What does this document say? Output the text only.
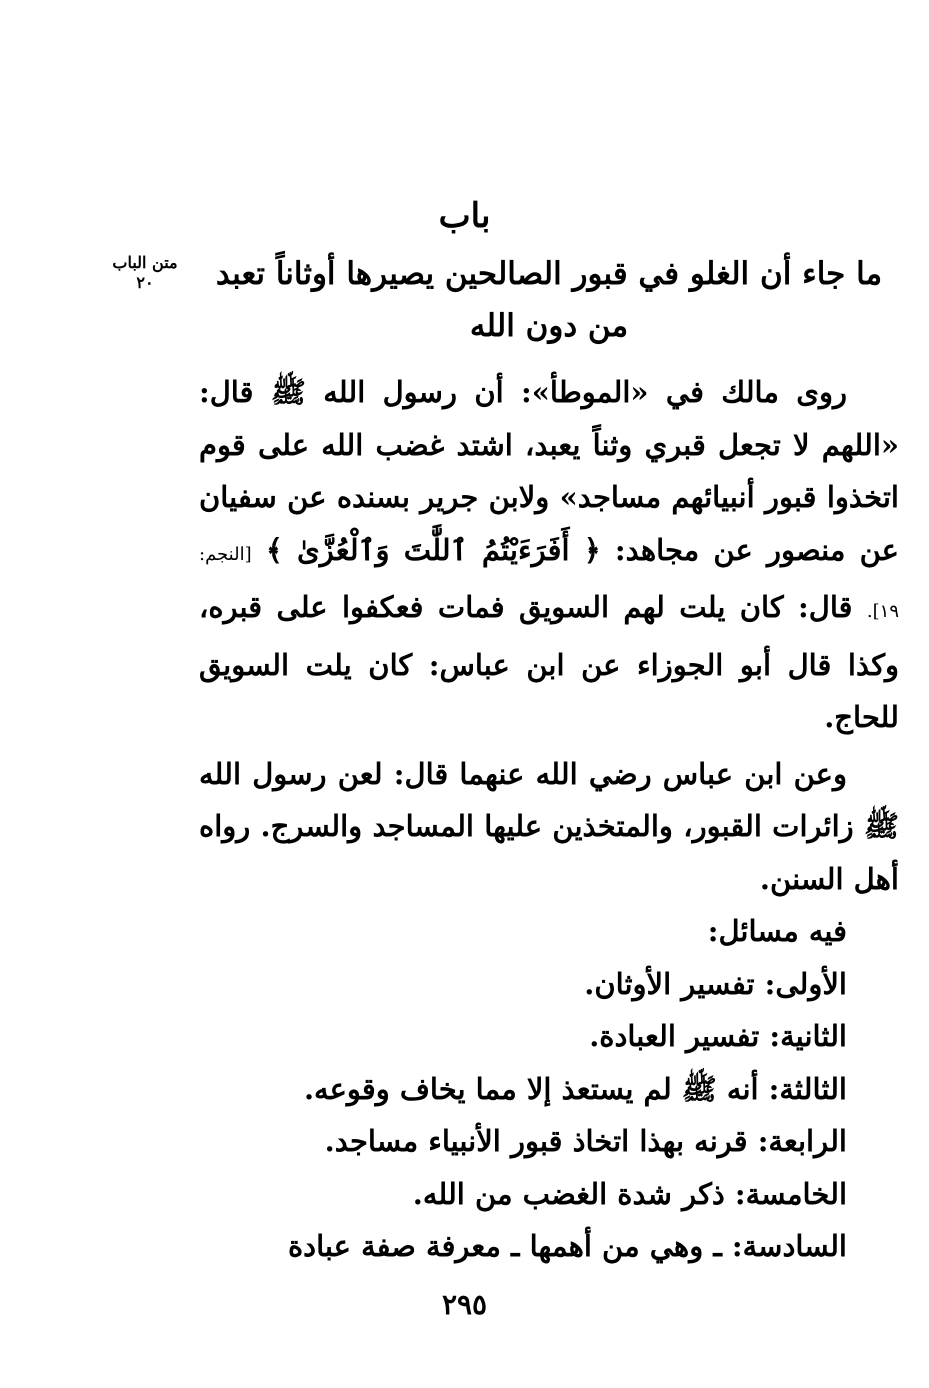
باب
متن الباب
٢٠	ما جاء أن الغلو في قبور الصالحين يصيرها أوثاناً تعبد من دون الله

روى مالك في «الموطأ»: أن رسول الله ﷺ قال: «اللهم لا تجعل قبري وثناً يعبد، اشتد غضب الله على قوم اتخذوا قبور أنبيائهم مساجد» ولابن جرير بسنده عن سفيان عن منصور عن مجاهد: ﴿ أَفَرَءَيْتُمُ ٱللَّٰتَ وَٱلْعُزَّىٰ ﴾ [النجم: ١٩]. قال: كان يلت لهم السويق فمات فعكفوا على قبره، وكذا قال أبو الجوزاء عن ابن عباس: كان يلت السويق للحاج.

وعن ابن عباس رضي الله عنهما قال: لعن رسول الله ﷺ زائرات القبور، والمتخذين عليها المساجد والسرج. رواه أهل السنن.

فيه مسائل:
الأولى: تفسير الأوثان.
الثانية: تفسير العبادة.
الثالثة: أنه ﷺ لم يستعذ إلا مما يخاف وقوعه.
الرابعة: قرنه بهذا اتخاذ قبور الأنبياء مساجد.
الخامسة: ذكر شدة الغضب من الله.
السادسة: ـ وهي من أهمها ـ معرفة صفة عبادة
٢٩٥
